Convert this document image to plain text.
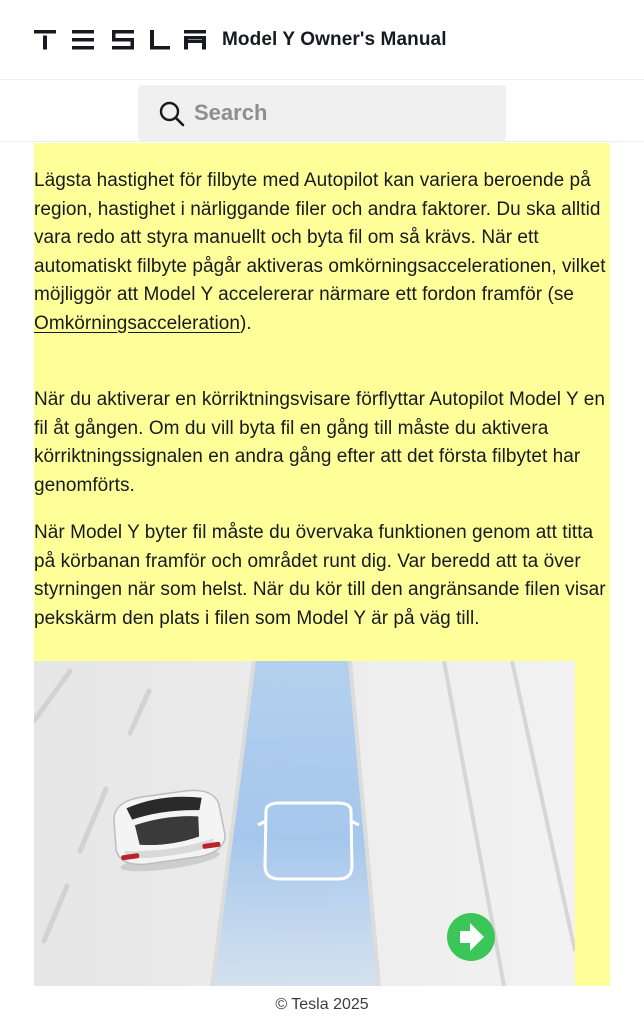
Model Y Owner's Manual
Search

Lägsta hastighet för filbyte med Autopilot kan variera beroende på region, hastighet i närliggande filer och andra faktorer. Du ska alltid vara redo att styra manuellt och byta fil om så krävs. När ett automatiskt filbyte pågår aktiveras omkörningsaccelerationen, vilket möjliggör att Model Y accelererar närmare ett fordon framför (se Omkörningsacceleration).

När du aktiverar en körriktningsvisare förflyttar Autopilot Model Y en fil åt gången. Om du vill byta fil en gång till måste du aktivera körriktningssignalen en andra gång efter att det första filbytet har genomförts.

När Model Y byter fil måste du övervaka funktionen genom att titta på körbanan framför och området runt dig. Var beredd att ta över styrningen när som helst. När du kör till den angränsande filen visar pekskärm den plats i filen som Model Y är på väg till.

© Tesla 2025
